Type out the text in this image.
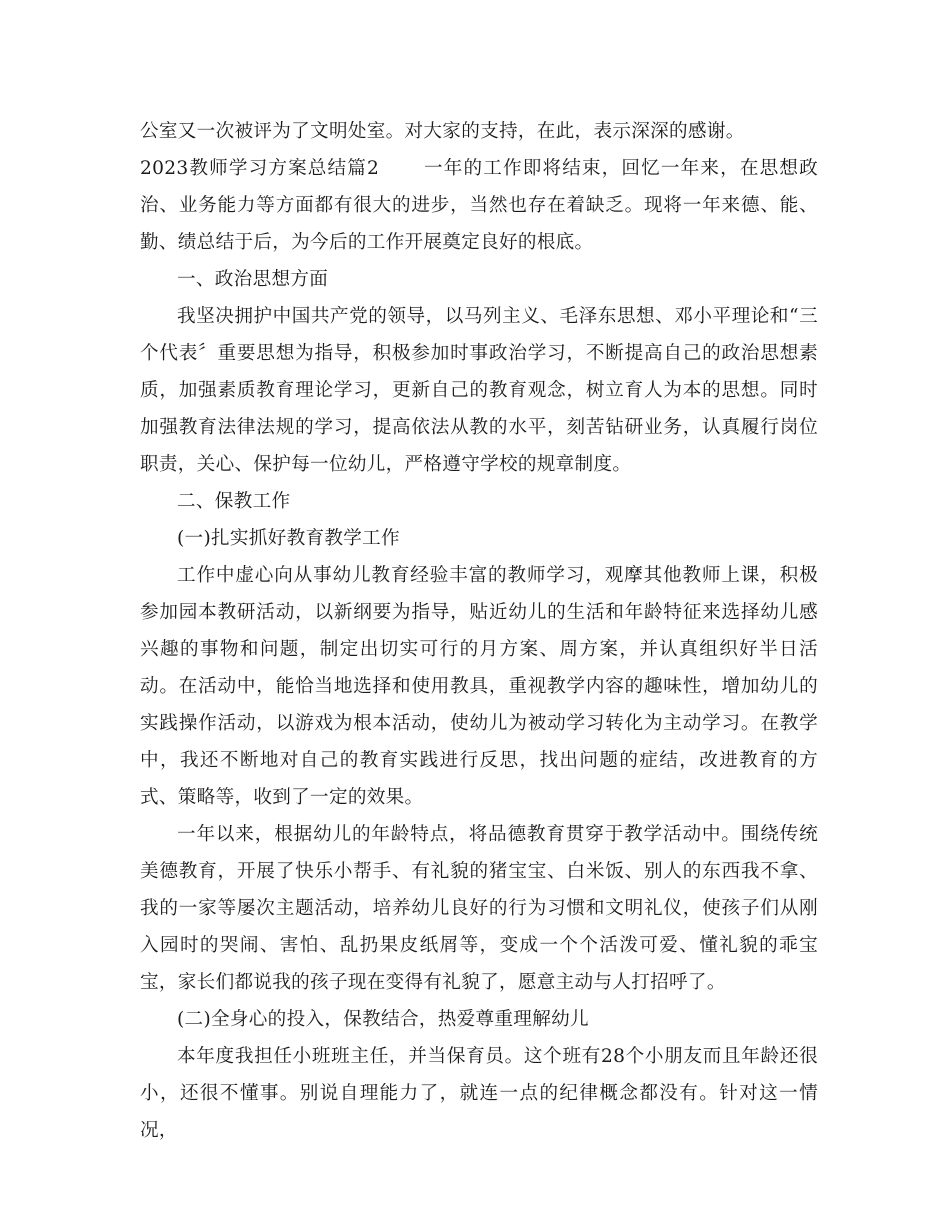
公室又一次被评为了文明处室。对大家的支持，在此，表示深深的感谢。

2023教师学习方案总结篇2 一年的工作即将结束，回忆一年来，在思想政治、业务能力等方面都有很大的进步，当然也存在着缺乏。现将一年来德、能、勤、绩总结于后，为今后的工作开展奠定良好的根底。

一、政治思想方面

我坚决拥护中国共产党的领导，以马列主义、毛泽东思想、邓小平理论和“三个代表〞重要思想为指导，积极参加时事政治学习，不断提高自己的政治思想素质，加强素质教育理论学习，更新自己的教育观念，树立育人为本的思想。同时加强教育法律法规的学习，提高依法从教的水平，刻苦钻研业务，认真履行岗位职责，关心、保护每一位幼儿，严格遵守学校的规章制度。

二、保教工作

(一)扎实抓好教育教学工作

工作中虚心向从事幼儿教育经验丰富的教师学习，观摩其他教师上课，积极参加园本教研活动，以新纲要为指导，贴近幼儿的生活和年龄特征来选择幼儿感兴趣的事物和问题，制定出切实可行的月方案、周方案，并认真组织好半日活动。在活动中，能恰当地选择和使用教具，重视教学内容的趣味性，增加幼儿的实践操作活动，以游戏为根本活动，使幼儿为被动学习转化为主动学习。在教学中，我还不断地对自己的教育实践进行反思，找出问题的症结，改进教育的方式、策略等，收到了一定的效果。

一年以来，根据幼儿的年龄特点，将品德教育贯穿于教学活动中。围绕传统美德教育，开展了快乐小帮手、有礼貌的猪宝宝、白米饭、别人的东西我不拿、我的一家等屡次主题活动，培养幼儿良好的行为习惯和文明礼仪，使孩子们从刚入园时的哭闹、害怕、乱扔果皮纸屑等，变成一个个活泼可爱、懂礼貌的乖宝宝，家长们都说我的孩子现在变得有礼貌了，愿意主动与人打招呼了。

(二)全身心的投入，保教结合，热爱尊重理解幼儿

本年度我担任小班班主任，并当保育员。这个班有28个小朋友而且年龄还很小，还很不懂事。别说自理能力了，就连一点的纪律概念都没有。针对这一情况，
